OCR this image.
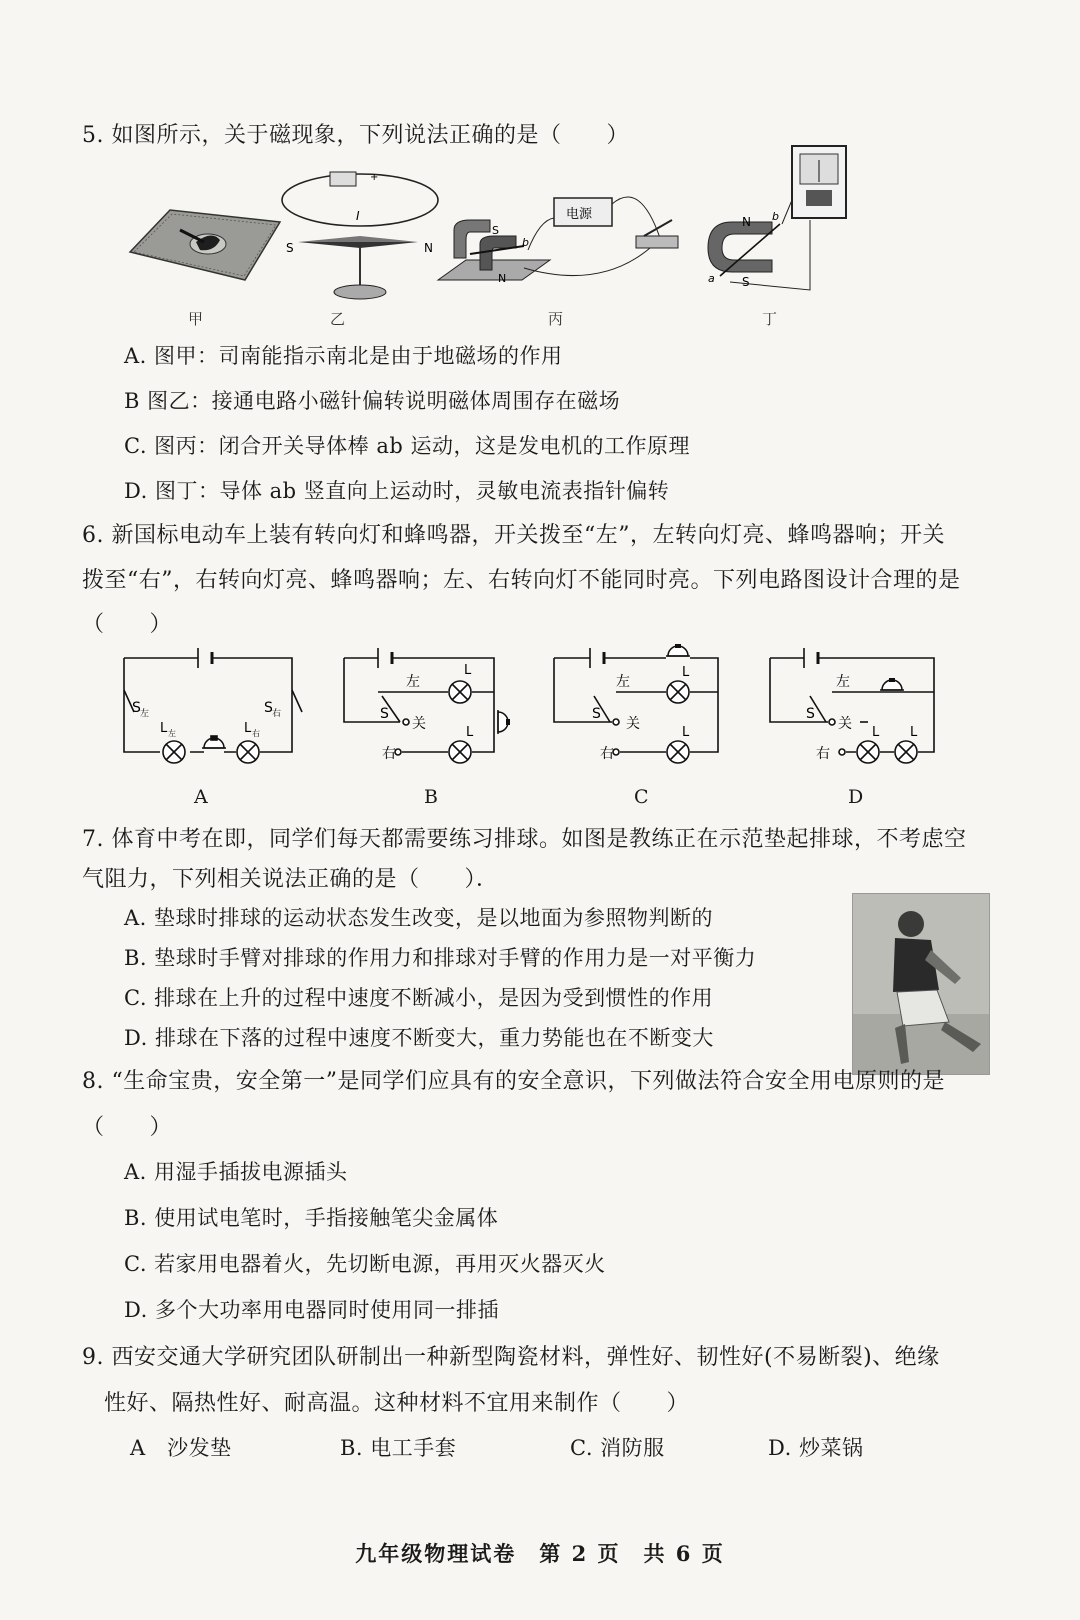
5. 如图所示，关于磁现象，下列说法正确的是（　　）
+
I
S	N
S
b
N
电源	N
S
a
b
甲	乙	丙	丁
A. 图甲：司南能指示南北是由于地磁场的作用
B 图乙：接通电路小磁针偏转说明磁体周围存在磁场
C. 图丙：闭合开关导体棒 ab 运动，这是发电机的工作原理
D. 图丁：导体 ab 竖直向上运动时，灵敏电流表指针偏转
6. 新国标电动车上装有转向灯和蜂鸣器，开关拨至“左”，左转向灯亮、蜂鸣器响；开关
拨至“右”，右转向灯亮、蜂鸣器响；左、右转向灯不能同时亮。下列电路图设计合理的是
（　　）
S 左	S 右
L 左	L 右
左
S
关
右
L
L
左
S
关
右
L
L
左
S
关
右
L L
A	B	C	D
7. 体育中考在即，同学们每天都需要练习排球。如图是教练正在示范垫起排球，不考虑空
气阻力，下列相关说法正确的是（　　）．
A. 垫球时排球的运动状态发生改变，是以地面为参照物判断的
B. 垫球时手臂对排球的作用力和排球对手臂的作用力是一对平衡力
C. 排球在上升的过程中速度不断减小，是因为受到惯性的作用
D. 排球在下落的过程中速度不断变大，重力势能也在不断变大
8. “生命宝贵，安全第一”是同学们应具有的安全意识，下列做法符合安全用电原则的是
（　　）
A. 用湿手插拔电源插头
B. 使用试电笔时，手指接触笔尖金属体
C. 若家用电器着火，先切断电源，再用灭火器灭火
D. 多个大功率用电器同时使用同一排插
9. 西安交通大学研究团队研制出一种新型陶瓷材料，弹性好、韧性好(不易断裂)、绝缘
性好、隔热性好、耐高温。这种材料不宜用来制作（　　）
A　沙发垫	B. 电工手套	C. 消防服	D. 炒菜锅
九年级物理试卷　第 2 页　共 6 页
